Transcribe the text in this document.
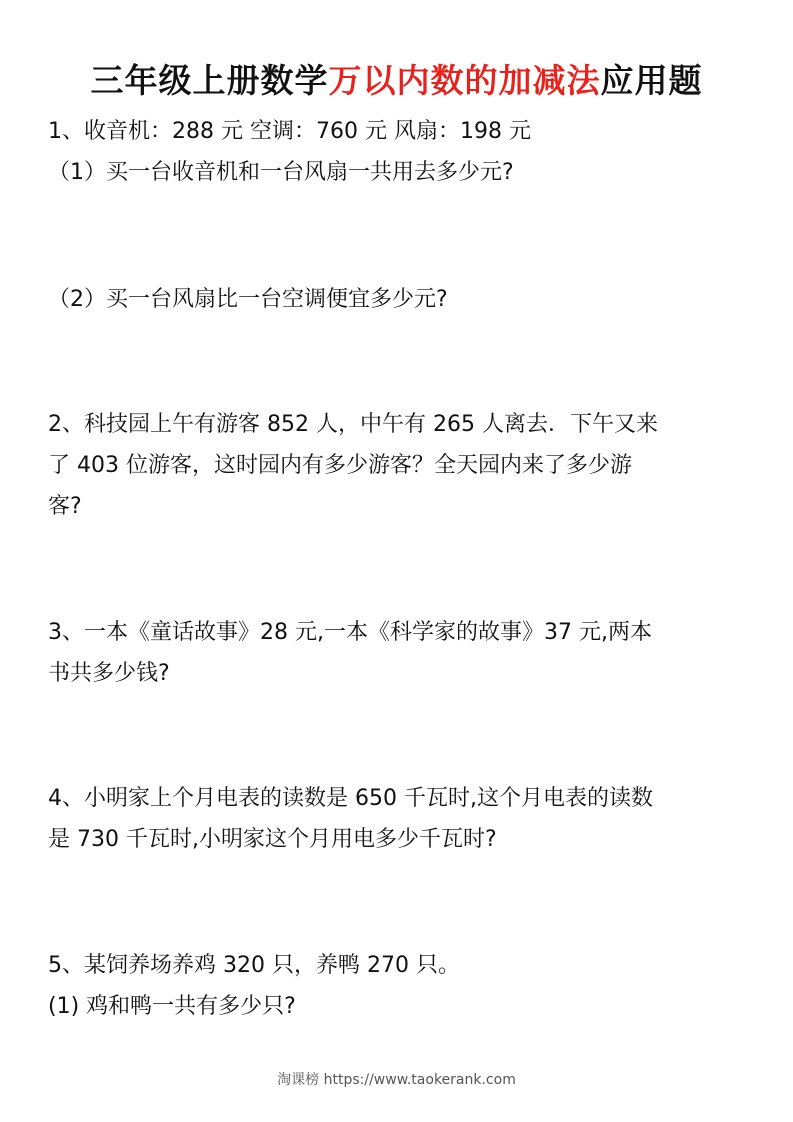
三年级上册数学万以内数的加减法应用题
1、收音机：288 元 空调：760 元 风扇：198 元
（1）买一台收音机和一台风扇一共用去多少元?
（2）买一台风扇比一台空调便宜多少元?
2、科技园上午有游客 852 人，中午有 265 人离去．下午又来
了 403 位游客，这时园内有多少游客？全天园内来了多少游
客?
3、一本《童话故事》28 元,一本《科学家的故事》37 元,两本
书共多少钱?
4、小明家上个月电表的读数是 650 千瓦时,这个月电表的读数
是 730 千瓦时,小明家这个月用电多少千瓦时?
5、某饲养场养鸡 320 只，养鸭 270 只。
(1) 鸡和鸭一共有多少只?
淘课榜 https://www.taokerank.com
